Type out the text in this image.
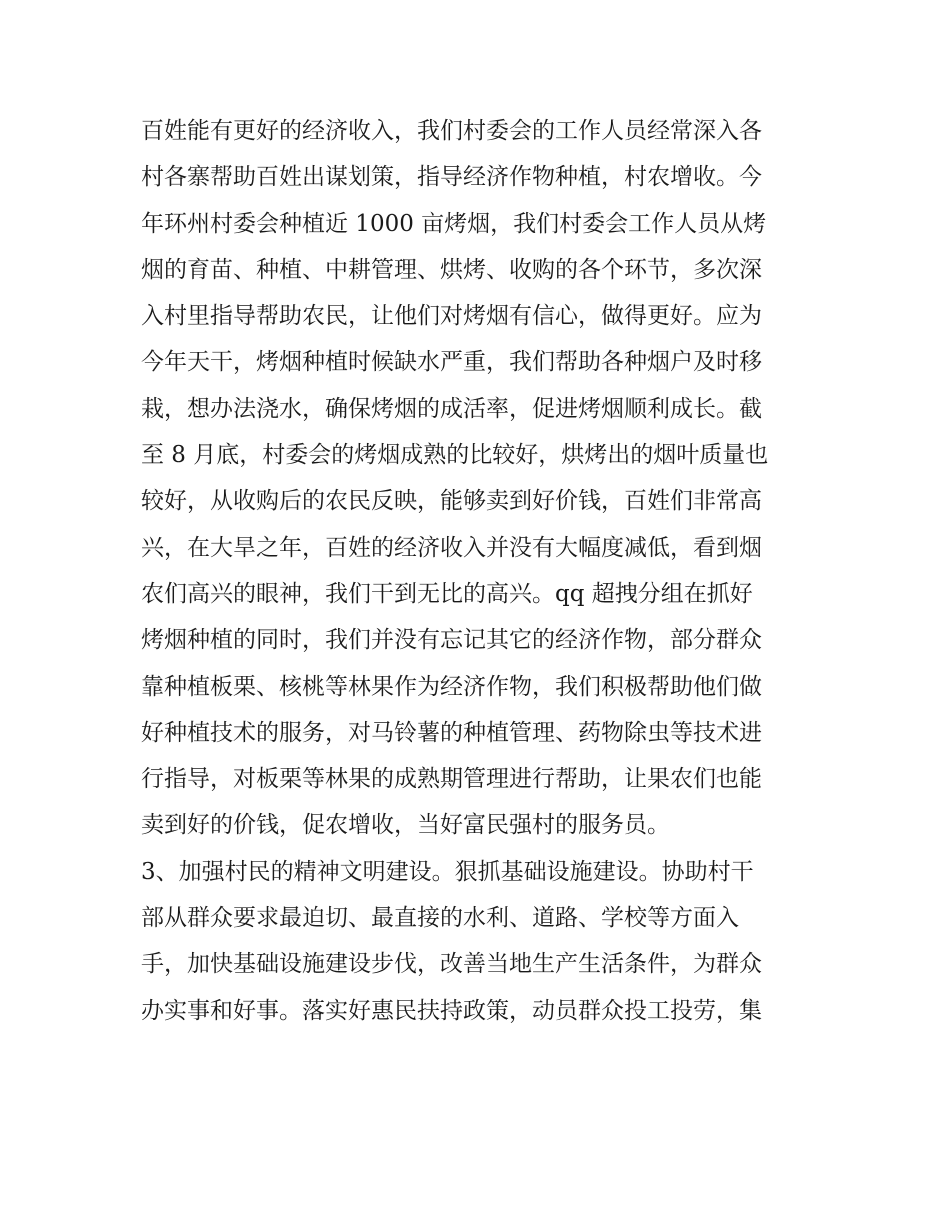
百姓能有更好的经济收入，我们村委会的工作人员经常深入各
村各寨帮助百姓出谋划策，指导经济作物种植，村农增收。今
年环州村委会种植近 1000 亩烤烟，我们村委会工作人员从烤
烟的育苗、种植、中耕管理、烘烤、收购的各个环节，多次深
入村里指导帮助农民，让他们对烤烟有信心，做得更好。应为
今年天干，烤烟种植时候缺水严重，我们帮助各种烟户及时移
栽，想办法浇水，确保烤烟的成活率，促进烤烟顺利成长。截
至 8 月底，村委会的烤烟成熟的比较好，烘烤出的烟叶质量也
较好，从收购后的农民反映，能够卖到好价钱，百姓们非常高
兴，在大旱之年，百姓的经济收入并没有大幅度减低，看到烟
农们高兴的眼神，我们干到无比的高兴。qq 超拽分组在抓好
烤烟种植的同时，我们并没有忘记其它的经济作物，部分群众
靠种植板栗、核桃等林果作为经济作物，我们积极帮助他们做
好种植技术的服务，对马铃薯的种植管理、药物除虫等技术进
行指导，对板栗等林果的成熟期管理进行帮助，让果农们也能
卖到好的价钱，促农增收，当好富民强村的服务员。
3、加强村民的精神文明建设。狠抓基础设施建设。协助村干
部从群众要求最迫切、最直接的水利、道路、学校等方面入
手，加快基础设施建设步伐，改善当地生产生活条件，为群众
办实事和好事。落实好惠民扶持政策，动员群众投工投劳，集
